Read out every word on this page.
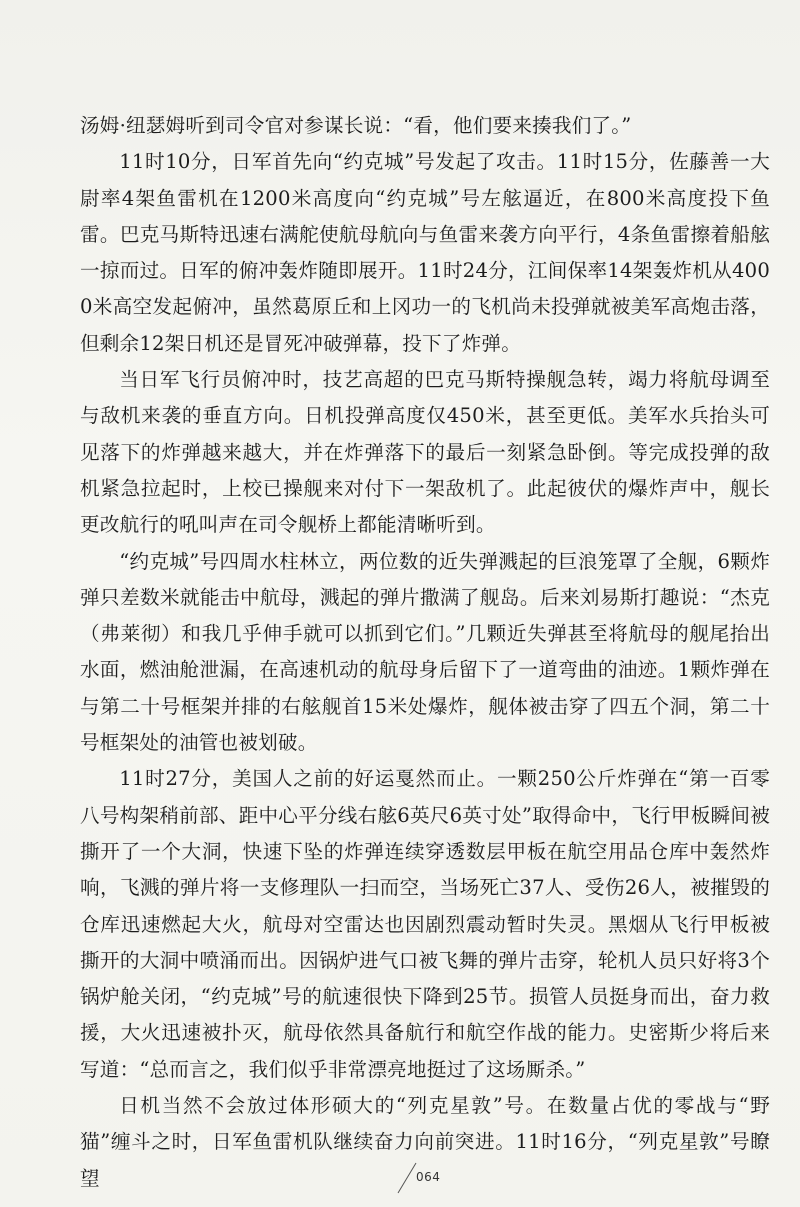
汤姆·纽瑟姆听到司令官对参谋长说：“看，他们要来揍我们了。”

11时10分，日军首先向“约克城”号发起了攻击。11时15分，佐藤善一大尉率4架鱼雷机在1200米高度向“约克城”号左舷逼近，在800米高度投下鱼雷。巴克马斯特迅速右满舵使航母航向与鱼雷来袭方向平行，4条鱼雷擦着船舷一掠而过。日军的俯冲轰炸随即展开。11时24分，江间保率14架轰炸机从4000米高空发起俯冲，虽然葛原丘和上冈功一的飞机尚未投弹就被美军高炮击落，但剩余12架日机还是冒死冲破弹幕，投下了炸弹。

当日军飞行员俯冲时，技艺高超的巴克马斯特操舰急转，竭力将航母调至与敌机来袭的垂直方向。日机投弹高度仅450米，甚至更低。美军水兵抬头可见落下的炸弹越来越大，并在炸弹落下的最后一刻紧急卧倒。等完成投弹的敌机紧急拉起时，上校已操舰来对付下一架敌机了。此起彼伏的爆炸声中，舰长更改航行的吼叫声在司令舰桥上都能清晰听到。

“约克城”号四周水柱林立，两位数的近失弹溅起的巨浪笼罩了全舰，6颗炸弹只差数米就能击中航母，溅起的弹片撒满了舰岛。后来刘易斯打趣说：“杰克（弗莱彻）和我几乎伸手就可以抓到它们。”几颗近失弹甚至将航母的舰尾抬出水面，燃油舱泄漏，在高速机动的航母身后留下了一道弯曲的油迹。1颗炸弹在与第二十号框架并排的右舷舰首15米处爆炸，舰体被击穿了四五个洞，第二十号框架处的油管也被划破。

11时27分，美国人之前的好运戛然而止。一颗250公斤炸弹在“第一百零八号构架稍前部、距中心平分线右舷6英尺6英寸处”取得命中，飞行甲板瞬间被撕开了一个大洞，快速下坠的炸弹连续穿透数层甲板在航空用品仓库中轰然炸响，飞溅的弹片将一支修理队一扫而空，当场死亡37人、受伤26人，被摧毁的仓库迅速燃起大火，航母对空雷达也因剧烈震动暂时失灵。黑烟从飞行甲板被撕开的大洞中喷涌而出。因锅炉进气口被飞舞的弹片击穿，轮机人员只好将3个锅炉舱关闭，“约克城”号的航速很快下降到25节。损管人员挺身而出，奋力救援，大火迅速被扑灭，航母依然具备航行和航空作战的能力。史密斯少将后来写道：“总而言之，我们似乎非常漂亮地挺过了这场厮杀。”

日机当然不会放过体形硕大的“列克星敦”号。在数量占优的零战与“野猫”缠斗之时，日军鱼雷机队继续奋力向前突进。11时16分，“列克星敦”号瞭望	064
